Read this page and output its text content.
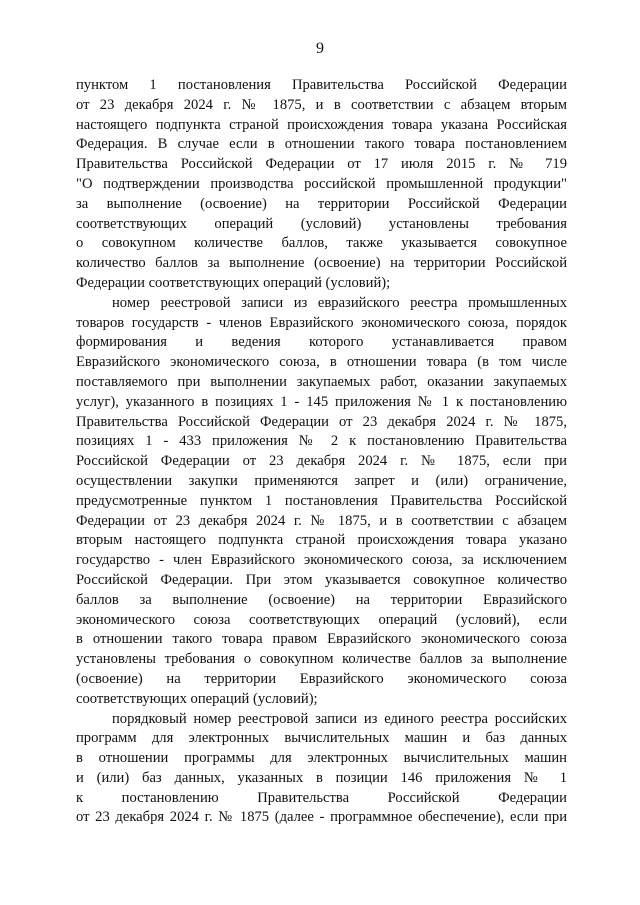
9
пунктом 1 постановления Правительства Российской Федерации
от 23 декабря 2024 г. № 1875, и в соответствии с абзацем вторым
настоящего подпункта страной происхождения товара указана Российская
Федерация. В случае если в отношении такого товара постановлением
Правительства Российской Федерации от 17 июля 2015 г. № 719
"О подтверждении производства российской промышленной продукции"
за выполнение (освоение) на территории Российской Федерации
соответствующих операций (условий) установлены требования
о совокупном количестве баллов, также указывается совокупное
количество баллов за выполнение (освоение) на территории Российской
Федерации соответствующих операций (условий);
номер реестровой записи из евразийского реестра промышленных
товаров государств - членов Евразийского экономического союза, порядок
формирования и ведения которого устанавливается правом
Евразийского экономического союза, в отношении товара (в том числе
поставляемого при выполнении закупаемых работ, оказании закупаемых
услуг), указанного в позициях 1 - 145 приложения № 1 к постановлению
Правительства Российской Федерации от 23 декабря 2024 г. № 1875,
позициях 1 - 433 приложения № 2 к постановлению Правительства
Российской Федерации от 23 декабря 2024 г. № 1875, если при
осуществлении закупки применяются запрет и (или) ограничение,
предусмотренные пунктом 1 постановления Правительства Российской
Федерации от 23 декабря 2024 г. № 1875, и в соответствии с абзацем
вторым настоящего подпункта страной происхождения товара указано
государство - член Евразийского экономического союза, за исключением
Российской Федерации. При этом указывается совокупное количество
баллов за выполнение (освоение) на территории Евразийского
экономического союза соответствующих операций (условий), если
в отношении такого товара правом Евразийского экономического союза
установлены требования о совокупном количестве баллов за выполнение
(освоение) на территории Евразийского экономического союза
соответствующих операций (условий);
порядковый номер реестровой записи из единого реестра российских
программ для электронных вычислительных машин и баз данных
в отношении программы для электронных вычислительных машин
и (или) баз данных, указанных в позиции 146 приложения № 1
к постановлению Правительства Российской Федерации
от 23 декабря 2024 г. № 1875 (далее - программное обеспечение), если при
